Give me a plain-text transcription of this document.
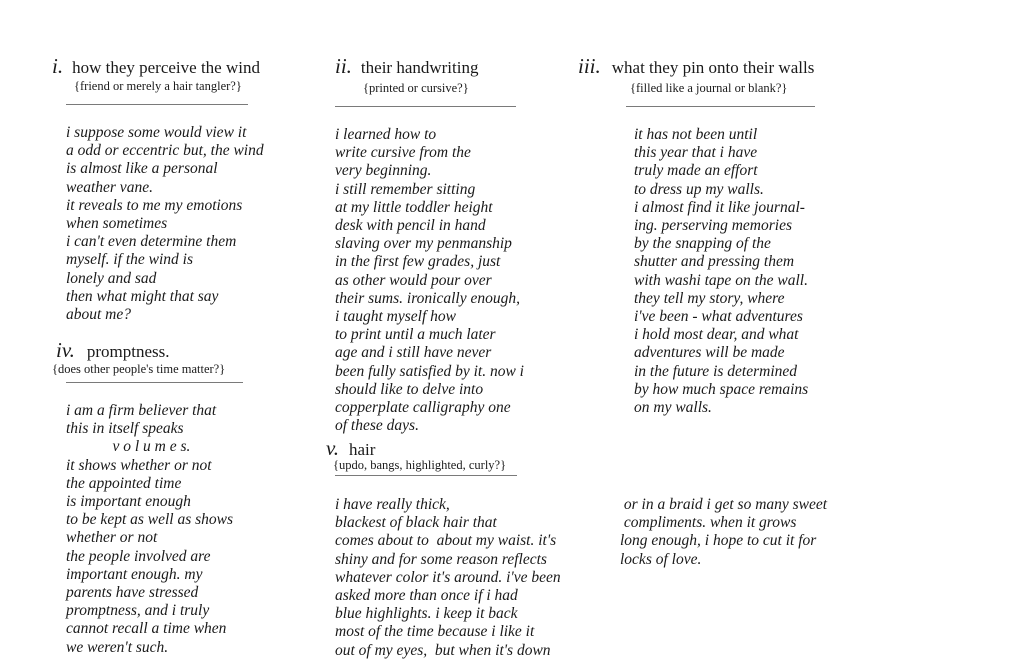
i. how they perceive the wind
{friend or merely a hair tangler?}
i suppose some would view it
a odd or eccentric but, the wind
is almost like a personal
weather vane.
it reveals to me my emotions
when sometimes
i can't even determine them
myself. if the wind is
lonely and sad
then what might that say
about me?
ii. their handwriting
{printed or cursive?}
i learned how to
write cursive from the
very beginning.
i still remember sitting
at my little toddler height
desk with pencil in hand
slaving over my penmanship
in the first few grades, just
as other would pour over
their sums. ironically enough,
i taught myself how
to print until a much later
age and i still have never
been fully satisfied by it. now i
should like to delve into
copperplate calligraphy one
of these days.
iii. what they pin onto their walls
{filled like a journal or blank?}
it has not been until
this year that i have
truly made an effort
to dress up my walls.
i almost find it like journal-
ing. perserving memories
by the snapping of the
shutter and pressing them
with washi tape on the wall.
they tell my story, where
i've been - what adventures
i hold most dear, and what
adventures will be made
in the future is determined
by how much space remains
on my walls.
iv. promptness.
{does other people's time matter?}
i am a firm believer that
this in itself speaks
v o l u m e s.
it shows whether or not
the appointed time
is important enough
to be kept as well as shows
whether or not
the people involved are
important enough. my
parents have stressed
promptness, and i truly
cannot recall a time when
we weren't such.
v. hair
{updo, bangs, highlighted, curly?}
i have really thick,
blackest of black hair that
comes about to  about my waist. it's
shiny and for some reason reflects
whatever color it's around. i've been
asked more than once if i had
blue highlights. i keep it back
most of the time because i like it
out of my eyes,  but when it's down
or in a braid i get so many sweet
compliments. when it grows
long enough, i hope to cut it for
locks of love.
